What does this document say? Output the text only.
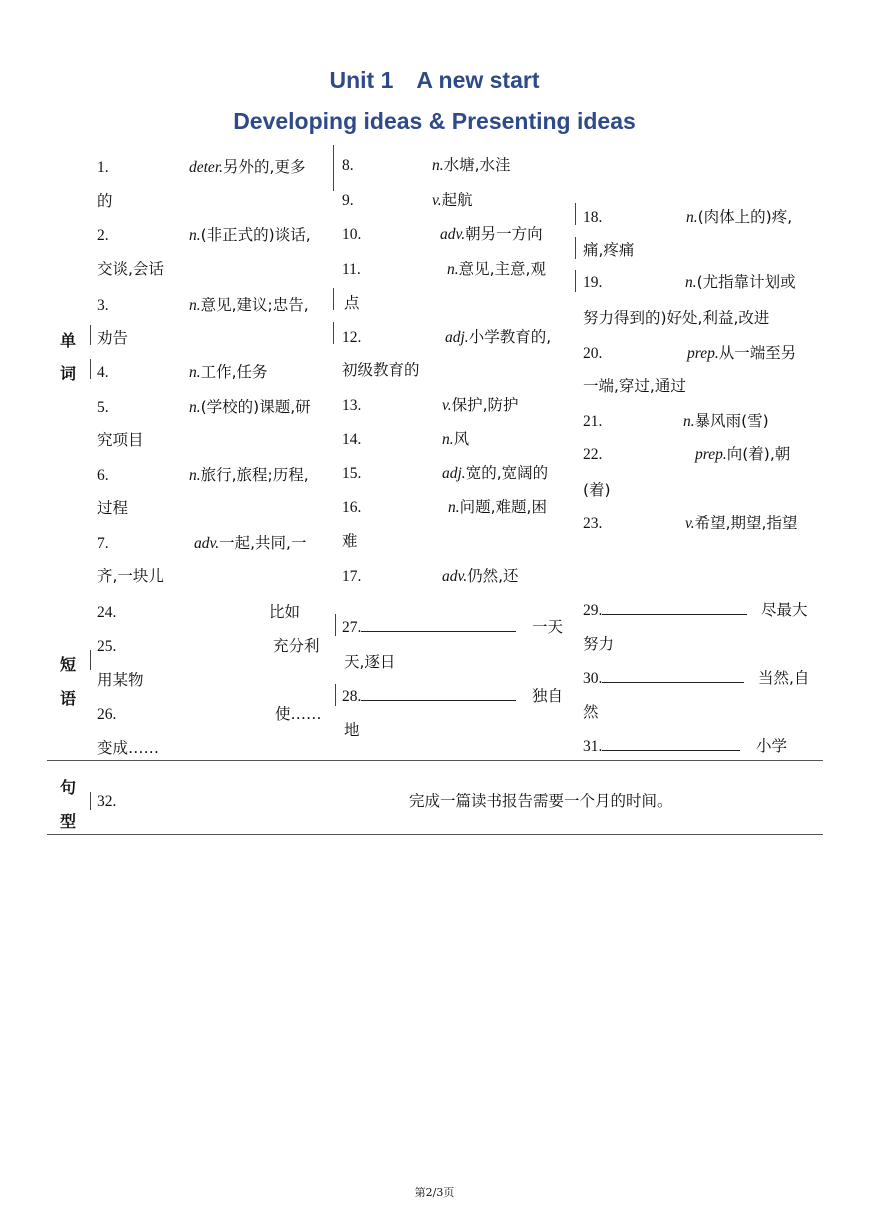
Unit 1　A new start
Developing ideas & Presenting ideas
单
词
短
语
句
型
1.	deter.另外的,更多
的
2.	n.(非正式的)谈话,
交谈,会话
3.	n.意见,建议;忠告,
劝告
4.	n.工作,任务
5.	n.(学校的)课题,研
究项目
6.	n.旅行,旅程;历程,
过程
7.	adv.一起,共同,一
齐,一块儿
8.	n.水塘,水洼
9.	v.起航
10.	adv.朝另一方向
11.	n.意见,主意,观
点
12.	adj.小学教育的,
初级教育的
13.	v.保护,防护
14.	n.风
15.	adj.宽的,宽阔的
16.	n.问题,难题,困
难
17.	adv.仍然,还
18.	n.(肉体上的)疼,
痛,疼痛
19.	n.(尤指靠计划或
努力得到的)好处,利益,改进
20.	prep.从一端至另
一端,穿过,通过
21.	n.暴风雨(雪)
22.	prep.向(着),朝
(着)
23.	v.希望,期望,指望
24.	比如
25.	充分利
用某物
26.	使……
变成……
27.	一天
天,逐日
28.	独自
地
29.	尽最大
努力
30.	当然,自
然
31.	小学
32.	完成一篇读书报告需要一个月的时间。
第2/3页
